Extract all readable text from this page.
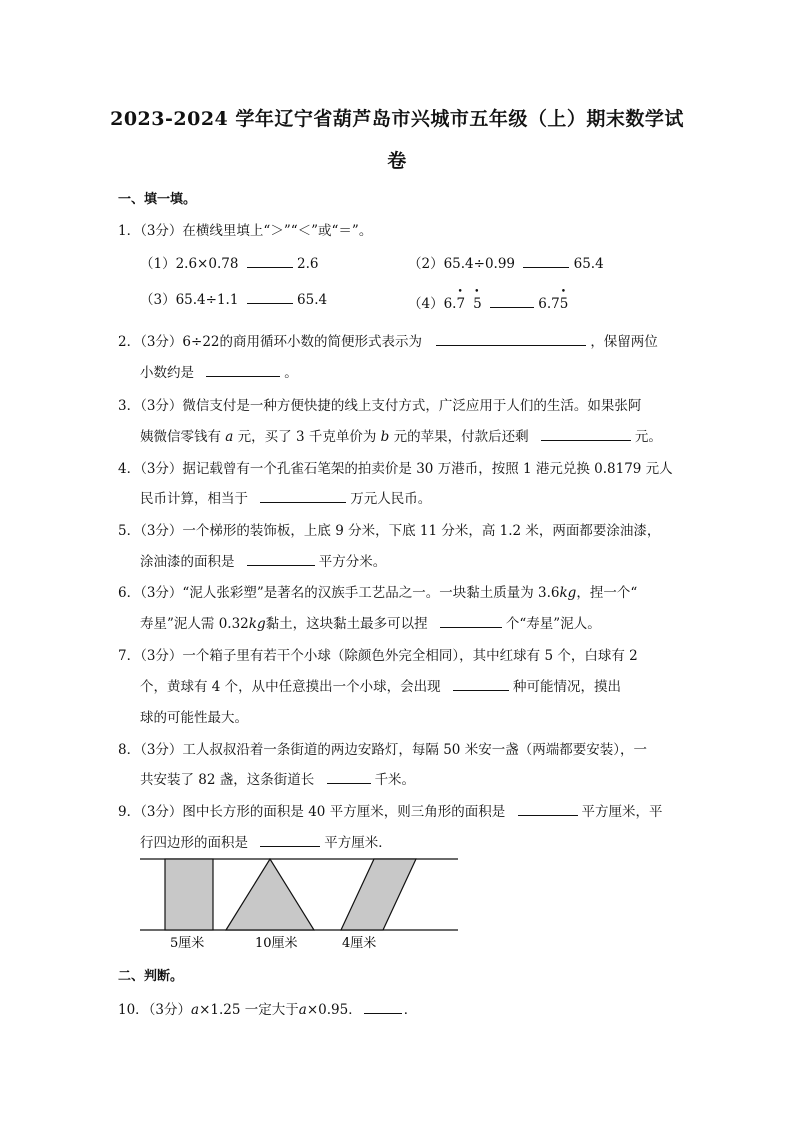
2023-2024 学年辽宁省葫芦岛市兴城市五年级（上）期末数学试
卷
一、填一填。
1．（3分）在横线里填上“＞”“＜”或“＝”。
（1）2.6×0.78	2.6	（2）65.4÷0.99	65.4
（3）65.4÷1.1	65.4	（4）6.• 7• 5	6.7• 5
2．（3分）6÷22的商用循环小数的简便形式表示为	，保留两位
小数约是	。
3．（3分）微信支付是一种方便快捷的线上支付方式，广泛应用于人们的生活。如果张阿
姨微信零钱有 a 元，买了 3 千克单价为 b 元的苹果，付款后还剩	元。
4．（3分）据记载曾有一个孔雀石笔架的拍卖价是 30 万港币，按照 1 港元兑换 0.8179 元人
民币计算，相当于	万元人民币。
5．（3分）一个梯形的装饰板，上底 9 分米，下底 11 分米，高 1.2 米，两面都要涂油漆，
涂油漆的面积是	平方分米。
6．（3分）“泥人张彩塑”是著名的汉族手工艺品之一。一块黏土质量为 3.6kg，捏一个“
寿星”泥人需 0.32kg黏土，这块黏土最多可以捏	个“寿星”泥人。
7．（3分）一个箱子里有若干个小球（除颜色外完全相同），其中红球有 5 个，白球有 2
个，黄球有 4 个，从中任意摸出一个小球，会出现	种可能情况，摸出
球的可能性最大。
8．（3分）工人叔叔沿着一条街道的两边安路灯，每隔 50 米安一盏（两端都要安装），一
共安装了 82 盏，这条街道长	千米。
9．（3分）图中长方形的面积是 40 平方厘米，则三角形的面积是	平方厘米，平
行四边形的面积是	平方厘米．
5厘米	10厘米	4厘米
二、判断。
10．（3分）a×1.25 一定大于a×0.95．	．
